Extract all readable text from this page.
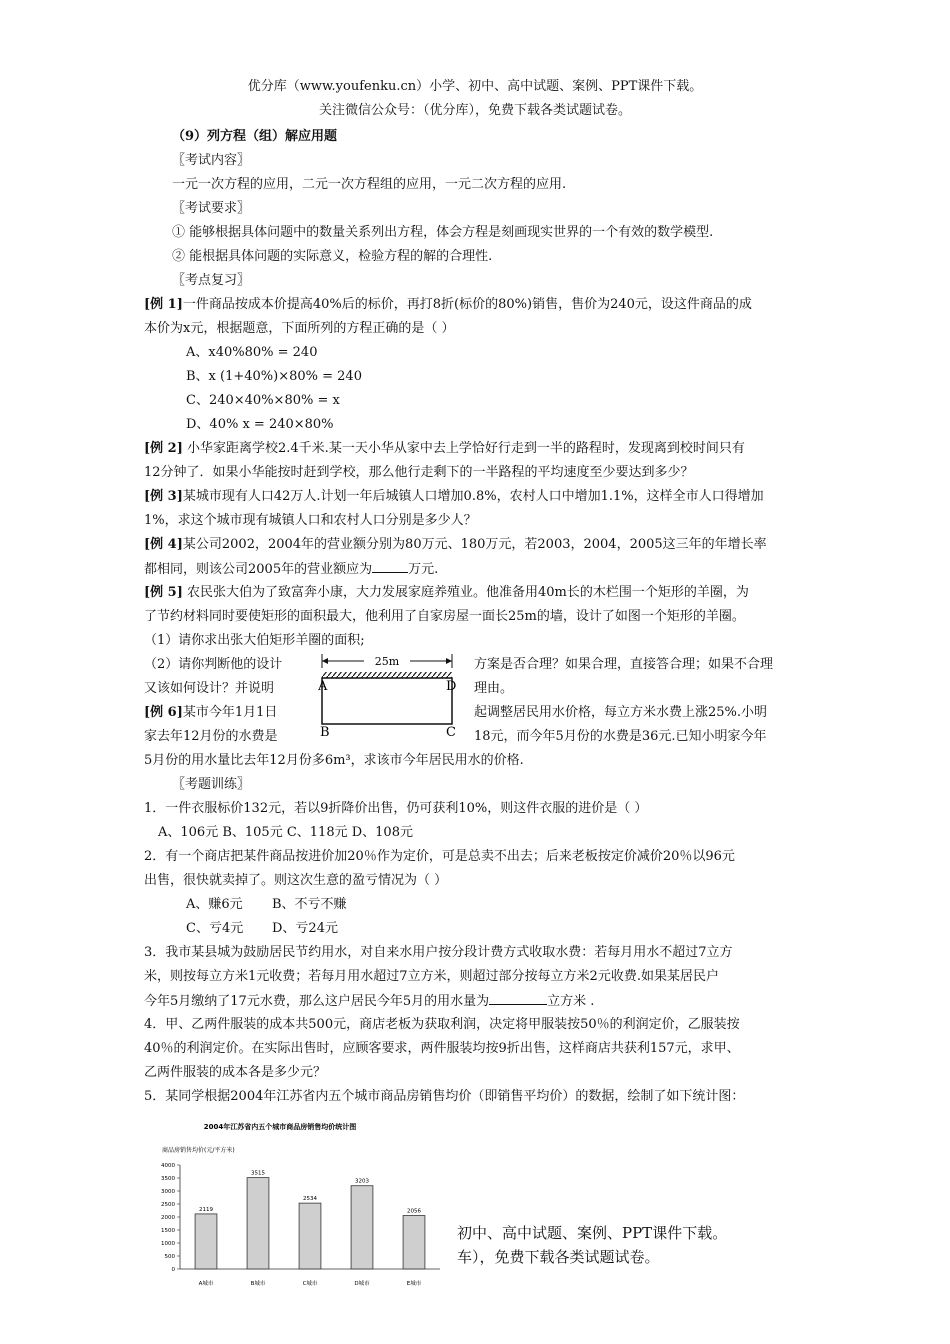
优分库（www.youfenku.cn）小学、初中、高中试题、案例、PPT课件下载。
关注微信公众号：（优分库），免费下载各类试题试卷。
（9）列方程（组）解应用题
〖考试内容〗
一元一次方程的应用，二元一次方程组的应用，一元二次方程的应用.
〖考试要求〗
① 能够根据具体问题中的数量关系列出方程，体会方程是刻画现实世界的一个有效的数学模型.
② 能根据具体问题的实际意义，检验方程的解的合理性.
〖考点复习〗
[例 1]一件商品按成本价提高40%后的标价，再打8折(标价的80%)销售，售价为240元，设这件商品的成
本价为x元，根据题意，下面所列的方程正确的是（ ）
A、x40%80% = 240
B、x (1+40%)×80% = 240
C、240×40%×80% = x
D、40% x = 240×80%
[例 2] 小华家距离学校2.4千米.某一天小华从家中去上学恰好行走到一半的路程时，发现离到校时间只有
12分钟了．如果小华能按时赶到学校，那么他行走剩下的一半路程的平均速度至少要达到多少？
[例 3]某城市现有人口42万人.计划一年后城镇人口增加0.8%，农村人口中增加1.1%，这样全市人口得增加
1%，求这个城市现有城镇人口和农村人口分别是多少人？
[例 4]某公司2002，2004年的营业额分别为80万元、180万元，若2003，2004，2005这三年的年增长率
都相同，则该公司2005年的营业额应为	万元.
[例 5] 农民张大伯为了致富奔小康，大力发展家庭养殖业。他准备用40m长的木栏围一个矩形的羊圈，为
了节约材料同时要使矩形的面积最大，他利用了自家房屋一面长25m的墙，设计了如图一个矩形的羊圈。
（1）请你求出张大伯矩形羊圈的面积;
（2）请你判断他的设计
又该如何设计？并说明
方案是否合理？如果合理，直接答合理；如果不合理
理由。
25m
A	D
B	C
[例 6]某市今年1月1日
家去年12月份的水费是
起调整居民用水价格，每立方米水费上涨25%.小明
18元，而今年5月份的水费是36元.已知小明家今年
5月份的用水量比去年12月份多6m³，求该市今年居民用水的价格.
〖考题训练〗
1．一件衣服标价132元，若以9折降价出售，仍可获利10%，则这件衣服的进价是（ ）
A、106元 B、105元 C、118元 D、108元
2．有一个商店把某件商品按进价加20％作为定价，可是总卖不出去；后来老板按定价减价20％以96元
出售，很快就卖掉了。则这次生意的盈亏情况为（ ）
A、赚6元 B、不亏不赚
C、亏4元 D、亏24元
3．我市某县城为鼓励居民节约用水，对自来水用户按分段计费方式收取水费：若每月用水不超过7立方
米，则按每立方米1元收费；若每月用水超过7立方米，则超过部分按每立方米2元收费.如果某居民户
今年5月缴纳了17元水费，那么这户居民今年5月的用水量为	立方米 .
4．甲、乙两件服装的成本共500元，商店老板为获取利润，决定将甲服装按50％的利润定价，乙服装按
40％的利润定价。在实际出售时，应顾客要求，两件服装均按9折出售，这样商店共获利157元，求甲、
乙两件服装的成本各是多少元？
5．某同学根据2004年江苏省内五个城市商品房销售均价（即销售平均价）的数据，绘制了如下统计图：
2004年江苏省内五个城市商品房销售均价统计图
商品房销售均价(元/平方米)
0
500
1000
1500
2000
2500
3000
3500
4000
2119
3515
2534
3203
2056
A城市	B城市	C城市	D城市	E城市
初中、高中试题、案例、PPT课件下载。
车），免费下载各类试题试卷。
